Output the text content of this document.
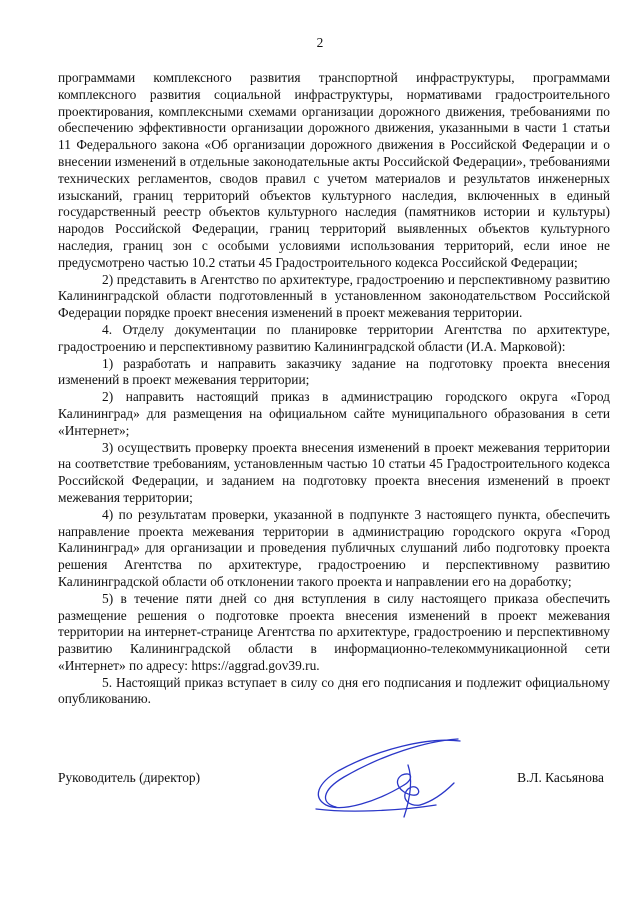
2

программами комплексного развития транспортной инфраструктуры, программами комплексного развития социальной инфраструктуры, нормативами градостроительного проектирования, комплексными схемами организации дорожного движения, требованиями по обеспечению эффективности организации дорожного движения, указанными в части 1 статьи 11 Федерального закона «Об организации дорожного движения в Российской Федерации и о внесении изменений в отдельные законодательные акты Российской Федерации», требованиями технических регламентов, сводов правил с учетом материалов и результатов инженерных изысканий, границ территорий объектов культурного наследия, включенных в единый государственный реестр объектов культурного наследия (памятников истории и культуры) народов Российской Федерации, границ территорий выявленных объектов культурного наследия, границ зон с особыми условиями использования территорий, если иное не предусмотрено частью 10.2 статьи 45 Градостроительного кодекса Российской Федерации;

2) представить в Агентство по архитектуре, градостроению и перспективному развитию Калининградской области подготовленный в установленном законодательством Российской Федерации порядке проект внесения изменений в проект межевания территории.

4. Отделу документации по планировке территории Агентства по архитектуре, градостроению и перспективному развитию Калининградской области (И.А. Марковой):

1) разработать и направить заказчику задание на подготовку проекта внесения изменений в проект межевания территории;

2) направить настоящий приказ в администрацию городского округа «Город Калининград» для размещения на официальном сайте муниципального образования в сети «Интернет»;

3) осуществить проверку проекта внесения изменений в проект межевания территории на соответствие требованиям, установленным частью 10 статьи 45 Градостроительного кодекса Российской Федерации, и заданием на подготовку проекта внесения изменений в проект межевания территории;

4) по результатам проверки, указанной в подпункте 3 настоящего пункта, обеспечить направление проекта межевания территории в администрацию городского округа «Город Калининград» для организации и проведения публичных слушаний либо подготовку проекта решения Агентства по архитектуре, градостроению и перспективному развитию Калининградской области об отклонении такого проекта и направлении его на доработку;

5) в течение пяти дней со дня вступления в силу настоящего приказа обеспечить размещение решения о подготовке проекта внесения изменений в проект межевания территории на интернет-странице Агентства по архитектуре, градостроению и перспективному развитию Калининградской области в информационно-телекоммуникационной сети «Интернет» по адресу: https://aggrad.gov39.ru.

5. Настоящий приказ вступает в силу со дня его подписания и подлежит официальному опубликованию.

Руководитель (директор)	В.Л. Касьянова
